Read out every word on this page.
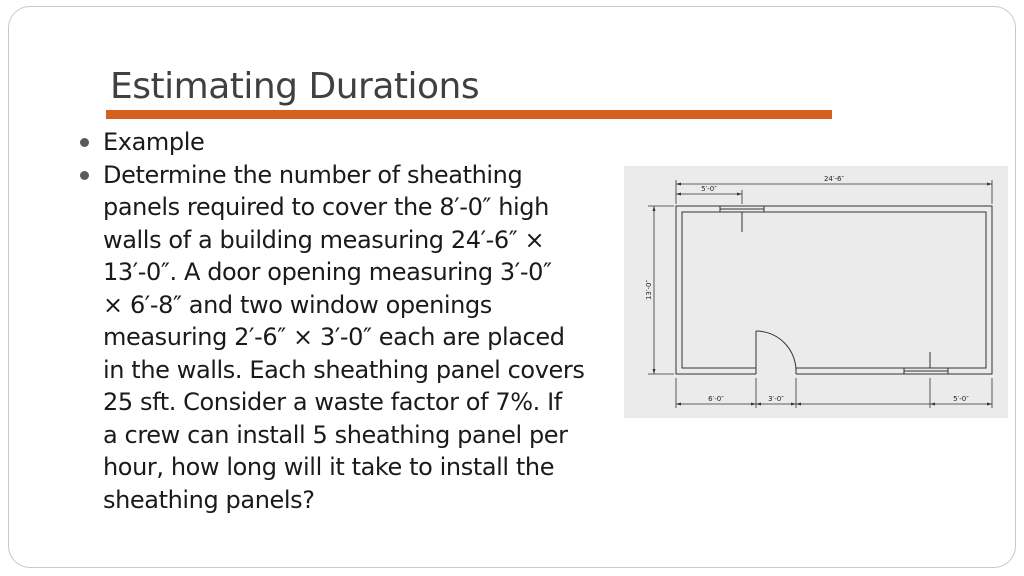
Estimating Durations
Example
Determine the number of sheathing
panels required to cover the 8′-0″ high
walls of a building measuring 24′-6″ ×
13′-0″. A door opening measuring 3′-0″
× 6′-8″ and two window openings
measuring 2′-6″ × 3′-0″ each are placed
in the walls. Each sheathing panel covers
25 sft. Consider a waste factor of 7%. If
a crew can install 5 sheathing panel per
hour, how long will it take to install the
sheathing panels?
24′-6″
5′-0″
13′-0″
6′-0″	3′-0″	5′-0″
